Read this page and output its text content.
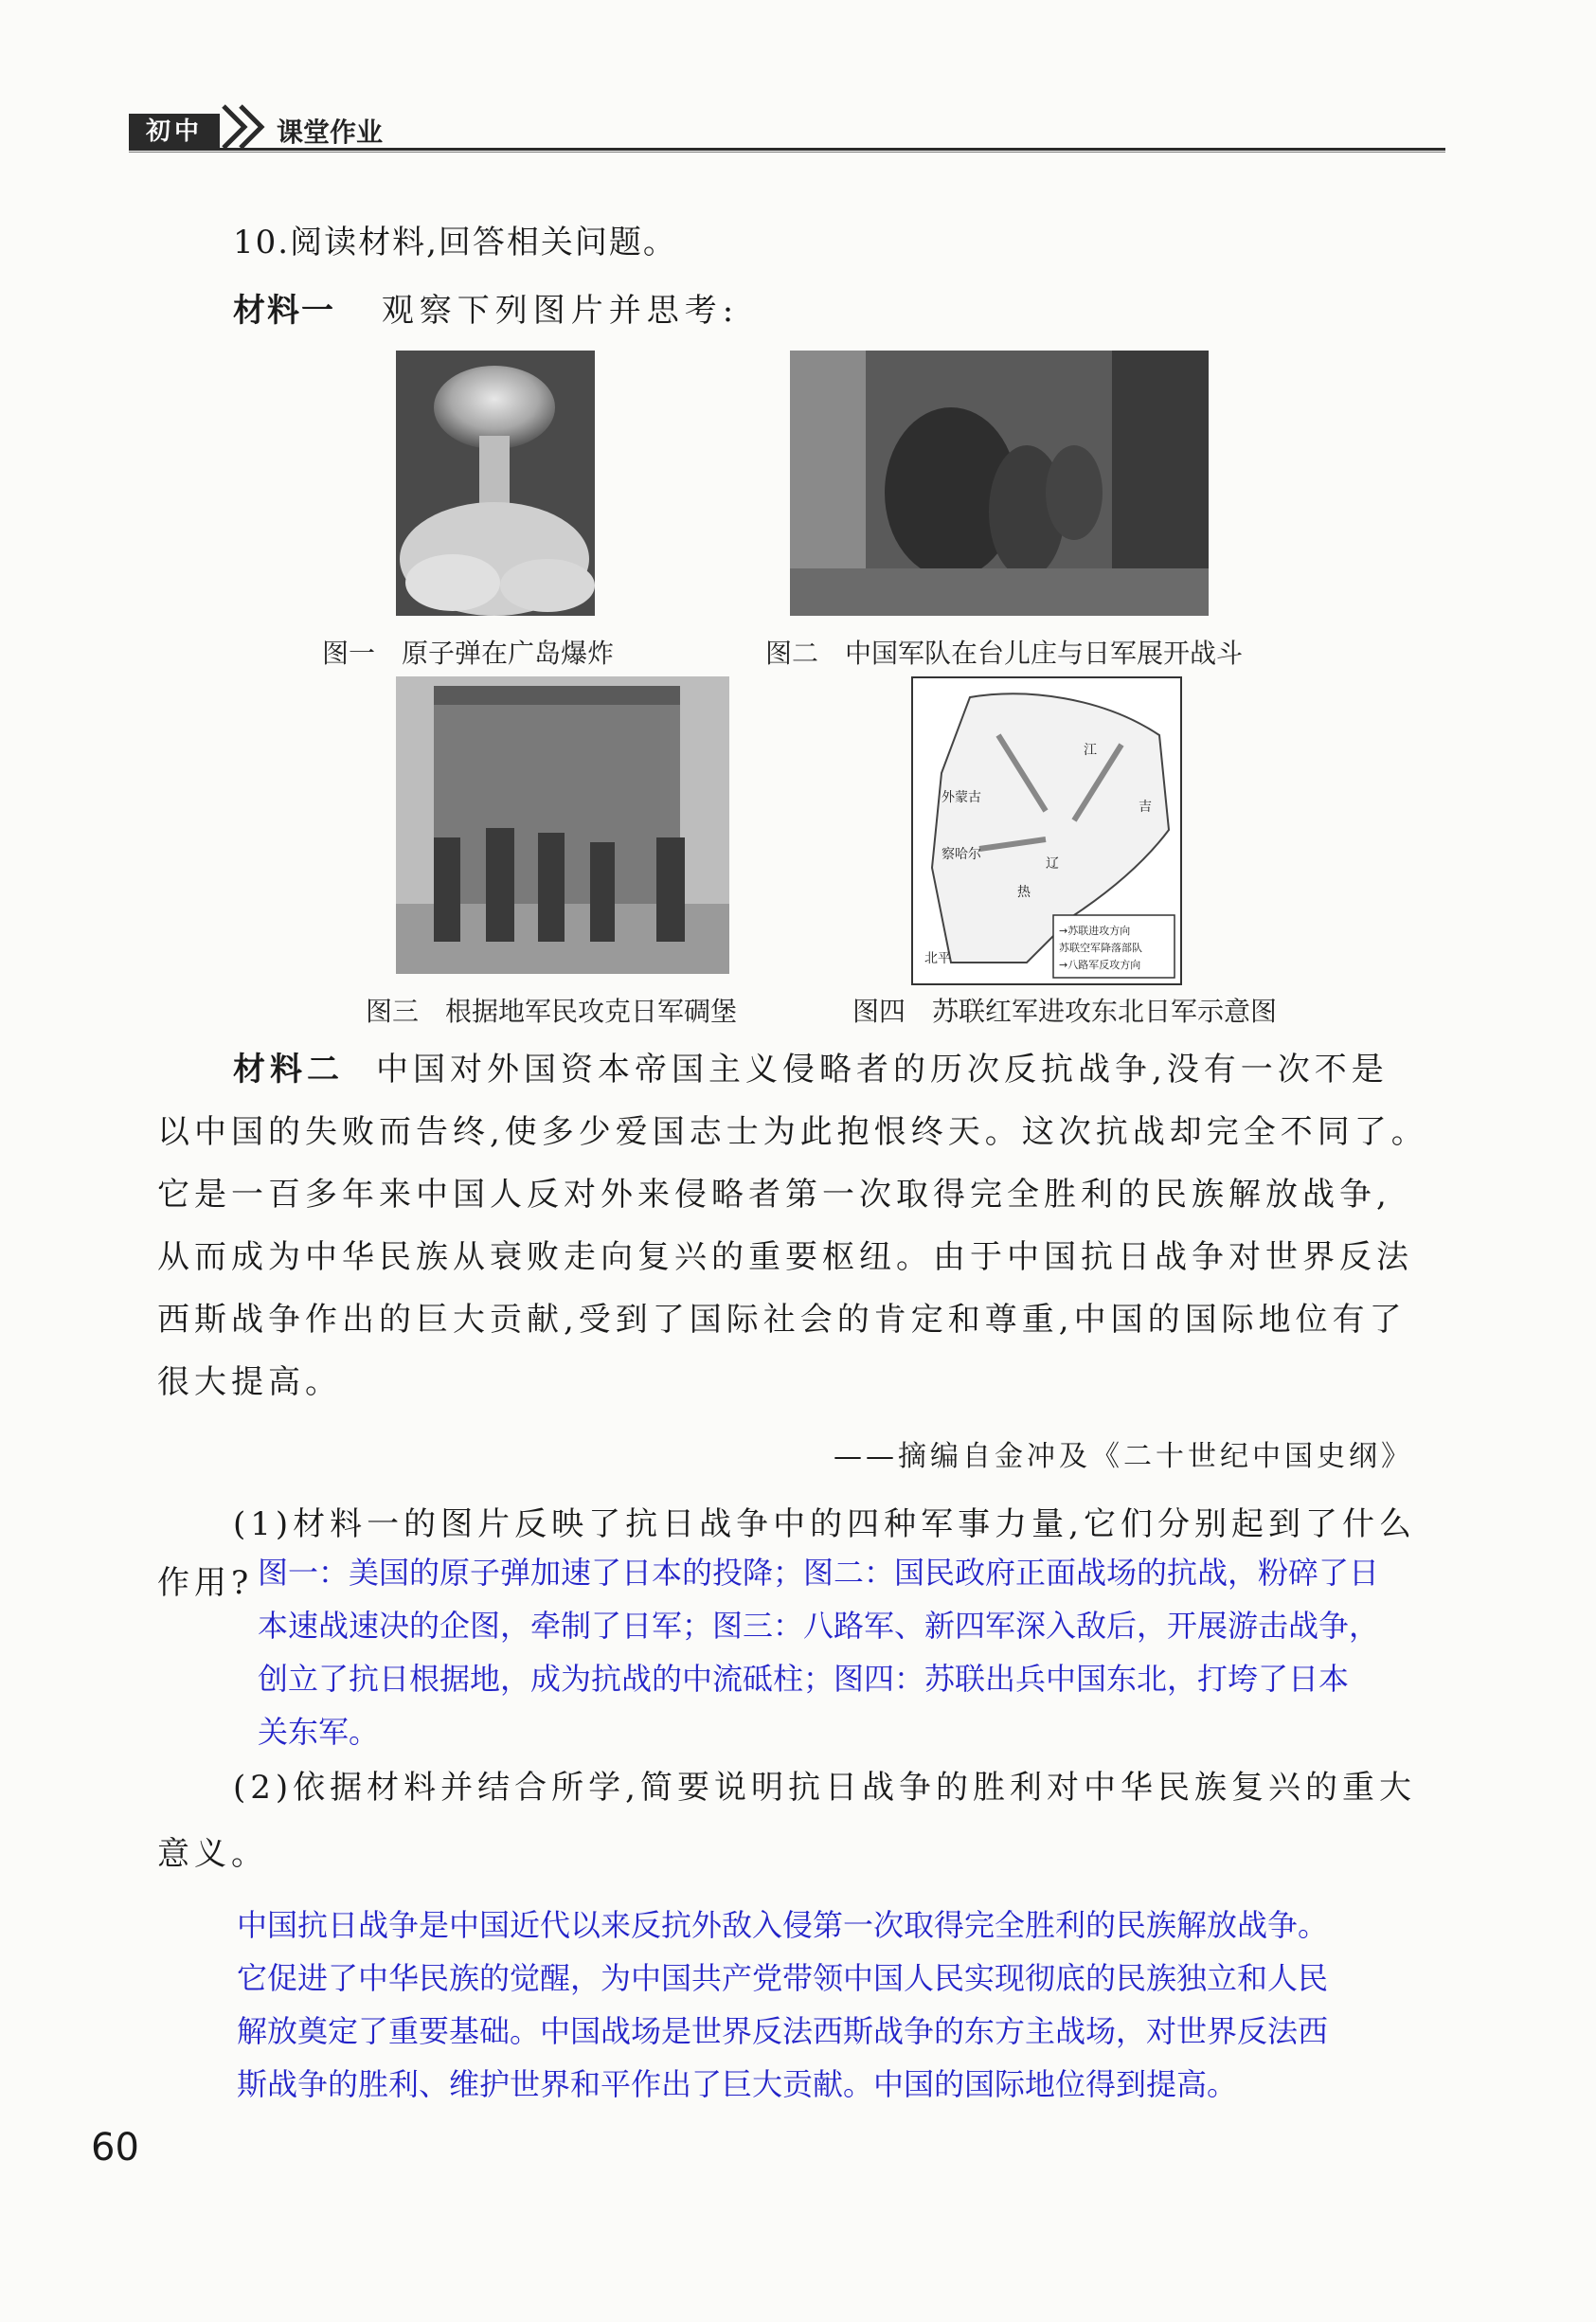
初中	课堂作业
10.阅读材料,回答相关问题。
材料一 观察下列图片并思考:
图一　原子弹在广岛爆炸	图二　中国军队在台儿庄与日军展开战斗
外蒙古
察哈尔
热
北平
辽
江
吉
→苏联进攻方向
苏联空军降落部队
→八路军反攻方向
图三　根据地军民攻克日军碉堡	图四　苏联红军进攻东北日军示意图
材料二 中国对外国资本帝国主义侵略者的历次反抗战争,没有一次不是
以中国的失败而告终,使多少爱国志士为此抱恨终天。这次抗战却完全不同了。
它是一百多年来中国人反对外来侵略者第一次取得完全胜利的民族解放战争,
从而成为中华民族从衰败走向复兴的重要枢纽。由于中国抗日战争对世界反法
西斯战争作出的巨大贡献,受到了国际社会的肯定和尊重,中国的国际地位有了
很大提高。
——摘编自金冲及《二十世纪中国史纲》
(1)材料一的图片反映了抗日战争中的四种军事力量,它们分别起到了什么
作用? 图一：美国的原子弹加速了日本的投降；图二：国民政府正面战场的抗战，粉碎了日
本速战速决的企图，牵制了日军；图三：八路军、新四军深入敌后，开展游击战争，
创立了抗日根据地，成为抗战的中流砥柱；图四：苏联出兵中国东北，打垮了日本
关东军。
(2)依据材料并结合所学,简要说明抗日战争的胜利对中华民族复兴的重大
意义。
中国抗日战争是中国近代以来反抗外敌入侵第一次取得完全胜利的民族解放战争。
它促进了中华民族的觉醒，为中国共产党带领中国人民实现彻底的民族独立和人民
解放奠定了重要基础。中国战场是世界反法西斯战争的东方主战场，对世界反法西
斯战争的胜利、维护世界和平作出了巨大贡献。中国的国际地位得到提高。
60
